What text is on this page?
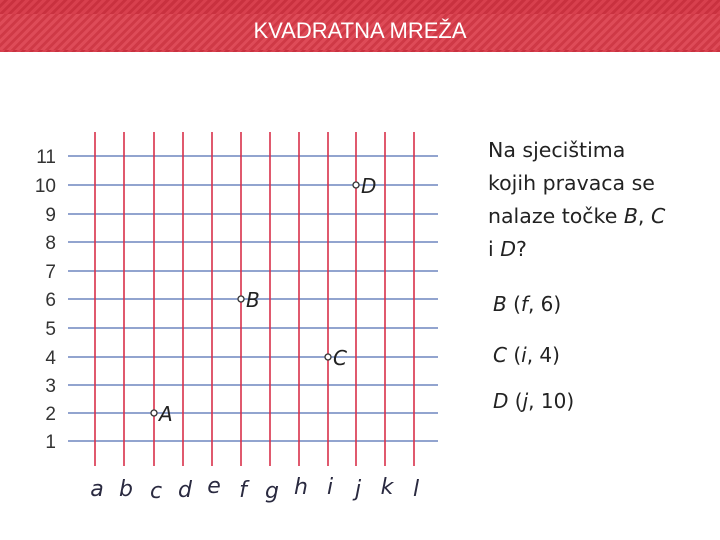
KVADRATNA MREŽA
11
10
9
8
7
6
5
4
3
2
1
a b c d e f g h i j k l
A
B
C
D
Na sjecištima
kojih pravaca se
nalaze točke B, C
i D?
B (f, 6)
C (i, 4)
D (j, 10)
